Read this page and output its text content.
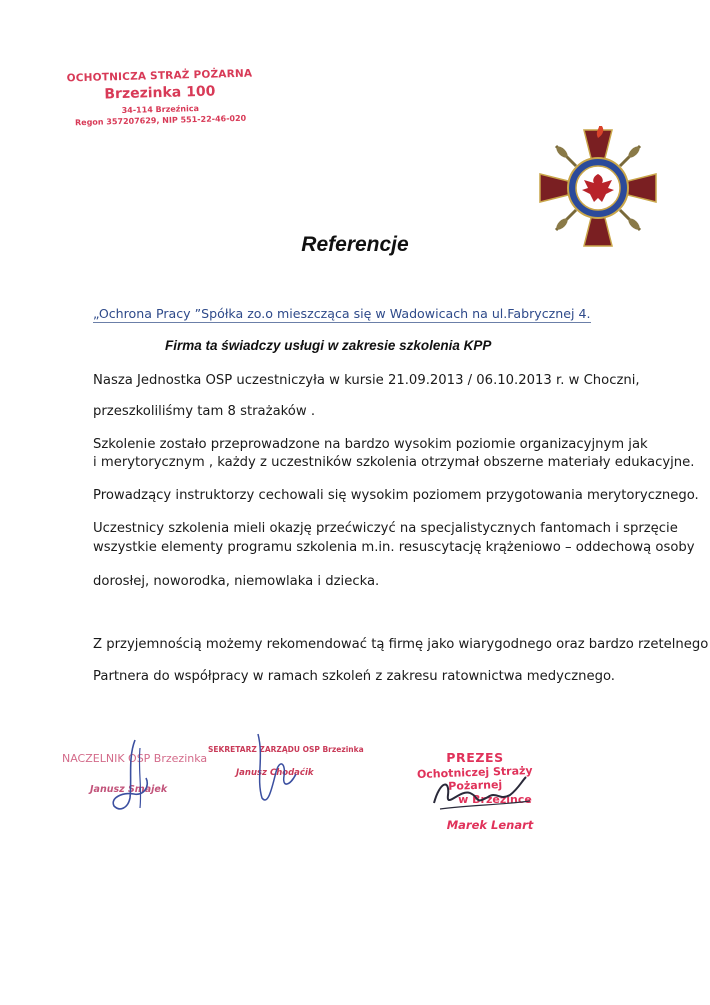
OCHOTNICZA STRAŻ POŻARNA
Brzezinka 100
34-114 Brzeźnica
Regon 357207629, NIP 551-22-46-020
Referencje
„Ochrona Pracy ”Spółka zo.o mieszcząca się w Wadowicach na ul.Fabrycznej 4.
Firma ta świadczy usługi w zakresie szkolenia KPP
Nasza Jednostka OSP uczestniczyła w kursie 21.09.2013 / 06.10.2013 r. w Choczni,
przeszkoliliśmy tam 8 strażaków .
Szkolenie zostało przeprowadzone na bardzo wysokim poziomie organizacyjnym jak
i merytorycznym , każdy z uczestników szkolenia otrzymał obszerne materiały edukacyjne.
Prowadzący instruktorzy cechowali się wysokim poziomem przygotowania merytorycznego.
Uczestnicy szkolenia mieli okazję przećwiczyć na specjalistycznych fantomach i sprzęcie
wszystkie elementy programu szkolenia m.in. resuscytację krążeniowo – oddechową osoby
dorosłej, noworodka, niemowlaka i dziecka.
Z przyjemnością możemy rekomendować tą firmę jako wiarygodnego oraz bardzo rzetelnego
Partnera do współpracy w ramach szkoleń z zakresu ratownictwa medycznego.
NACZELNIK OSP Brzezinka
Janusz Smajek
SEKRETARZ ZARZĄDU OSP Brzezinka
Janusz Chodaćik
PREZES
Ochotniczej Straży Pożarnej
w Brzezince
Marek Lenart
